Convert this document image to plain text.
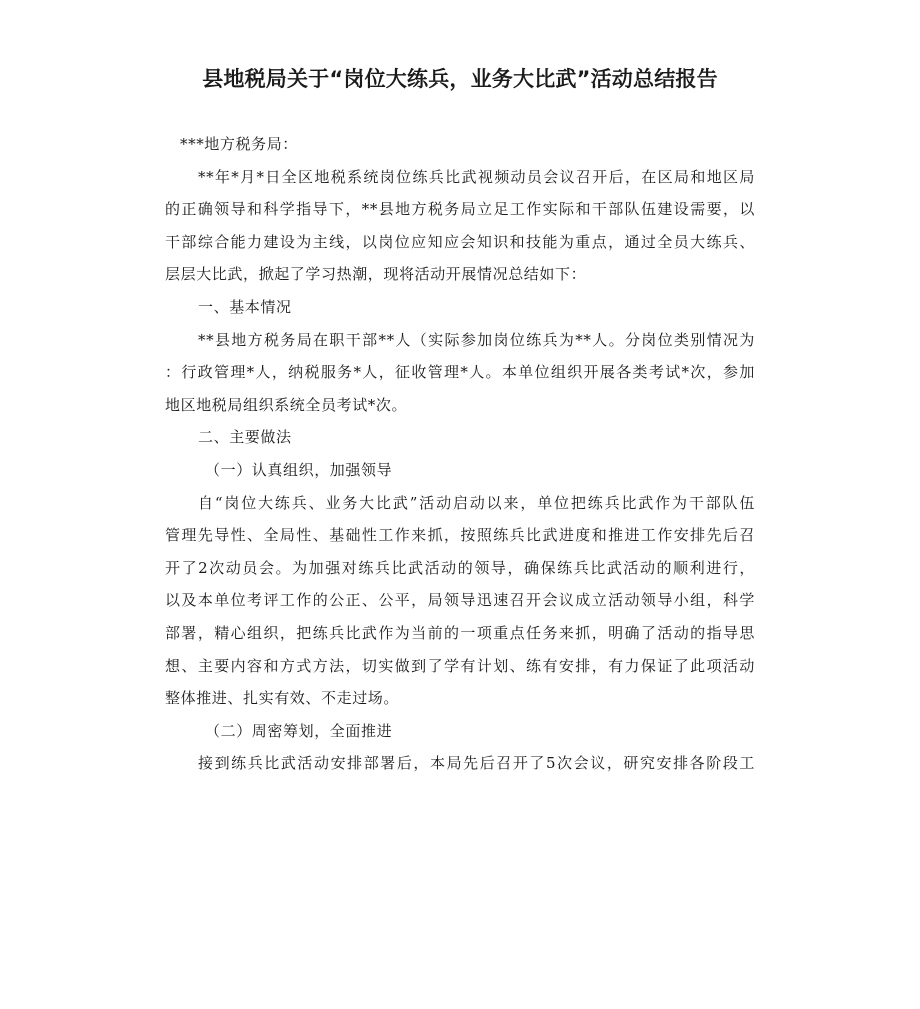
县地税局关于“岗位大练兵，业务大比武”活动总结报告
***地方税务局：
**年*月*日全区地税系统岗位练兵比武视频动员会议召开后，在区局和地区局
的正确领导和科学指导下，**县地方税务局立足工作实际和干部队伍建设需要，以
干部综合能力建设为主线，以岗位应知应会知识和技能为重点，通过全员大练兵、
层层大比武，掀起了学习热潮，现将活动开展情况总结如下：
一、基本情况
**县地方税务局在职干部**人（实际参加岗位练兵为**人。分岗位类别情况为
：行政管理*人，纳税服务*人，征收管理*人。本单位组织开展各类考试*次，参加
地区地税局组织系统全员考试*次。
二、主要做法
（一）认真组织，加强领导
自“岗位大练兵、业务大比武”活动启动以来，单位把练兵比武作为干部队伍
管理先导性、全局性、基础性工作来抓，按照练兵比武进度和推进工作安排先后召
开了2次动员会。为加强对练兵比武活动的领导，确保练兵比武活动的顺利进行，
以及本单位考评工作的公正、公平，局领导迅速召开会议成立活动领导小组，科学
部署，精心组织，把练兵比武作为当前的一项重点任务来抓，明确了活动的指导思
想、主要内容和方式方法，切实做到了学有计划、练有安排，有力保证了此项活动
整体推进、扎实有效、不走过场。
（二）周密筹划，全面推进
接到练兵比武活动安排部署后，本局先后召开了5次会议，研究安排各阶段工
